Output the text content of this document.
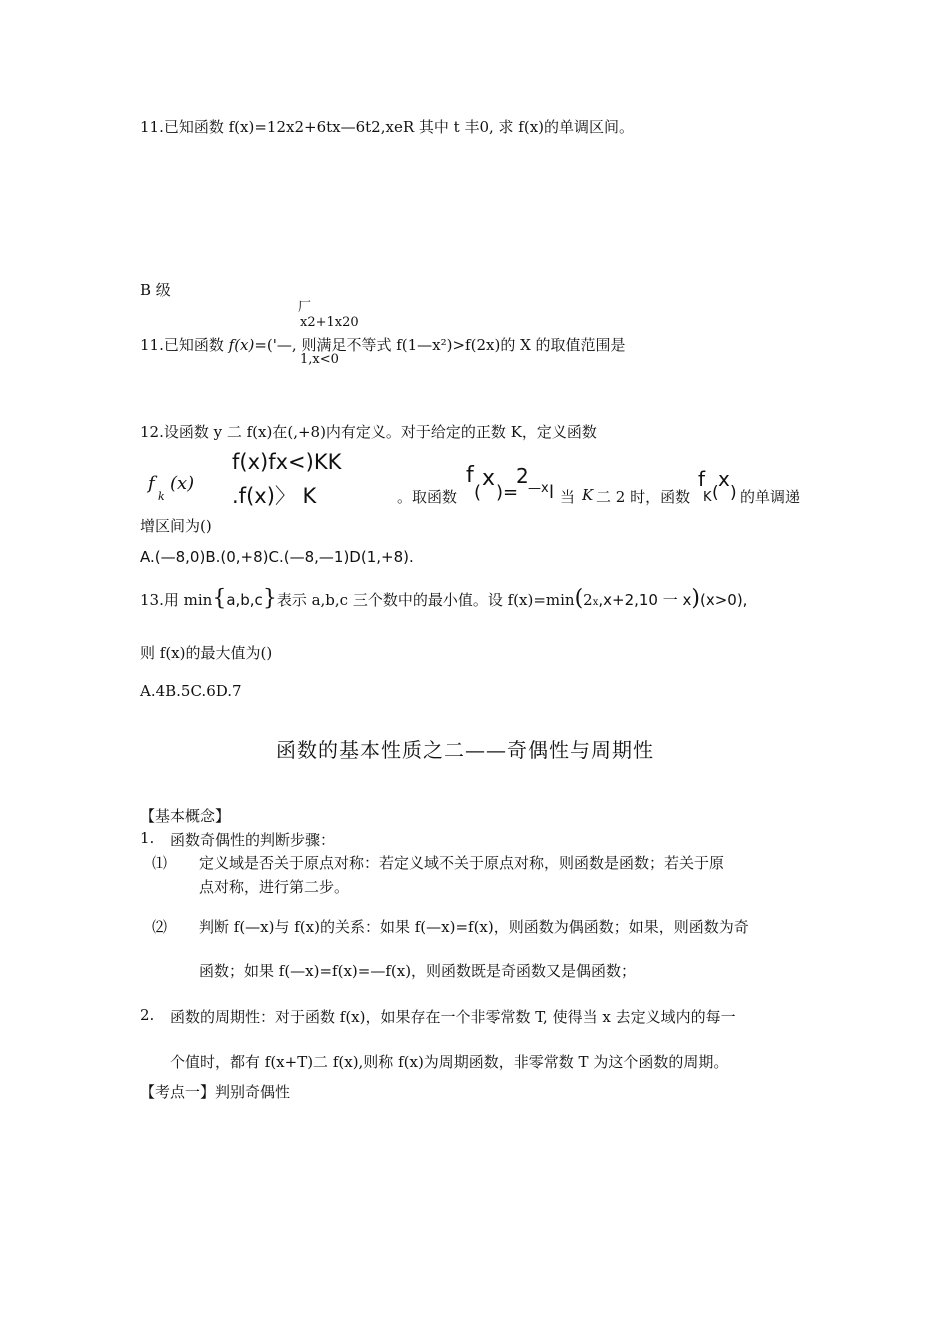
11.已知函数 f(x)=12x2+6tx—6t2,xeR 其中 t 丰0, 求 f(x)的单调区间。
B 级
厂
x2+1x20
11.已知函数 f(x)=('—, 则满足不等式 f(1—x²)>f(2x)的 X 的取值范围是
1,x<0
12.设函数 y 二 f(x)在(,+8)内有定义。对于给定的正数 K，定义函数
f
k
(x)
f(x)fx<)KK
.f(x)〉 K	。取函数
f x
( )=
2
—x l 当 K 二 2 时，函数
f x
K ( ) 的单调递
增区间为()
A.(—8,0)B.(0,+8)C.(—8,—1)D(1,+8).
13.用 min{a,b,c}表示 a,b,c 三个数中的最小值。设 f(x)=min(2x,x+2,10 一 x)(x>0),
则 f(x)的最大值为()
A.4B.5C.6D.7
函数的基本性质之二——奇偶性与周期性
【基本概念】
1. 函数奇偶性的判断步骤：
⑴ 定义域是否关于原点对称：若定义域不关于原点对称，则函数是函数；若关于原
点对称，进行第二步。
⑵ 判断 f(—x)与 f(x)的关系：如果 f(—x)=f(x)，则函数为偶函数；如果，则函数为奇
函数；如果 f(—x)=f(x)=—f(x)，则函数既是奇函数又是偶函数；
2. 函数的周期性：对于函数 f(x)，如果存在一个非零常数 T, 使得当 x 去定义域内的每一
个值时，都有 f(x+T)二 f(x),则称 f(x)为周期函数，非零常数 T 为这个函数的周期。
【考点一】判别奇偶性
